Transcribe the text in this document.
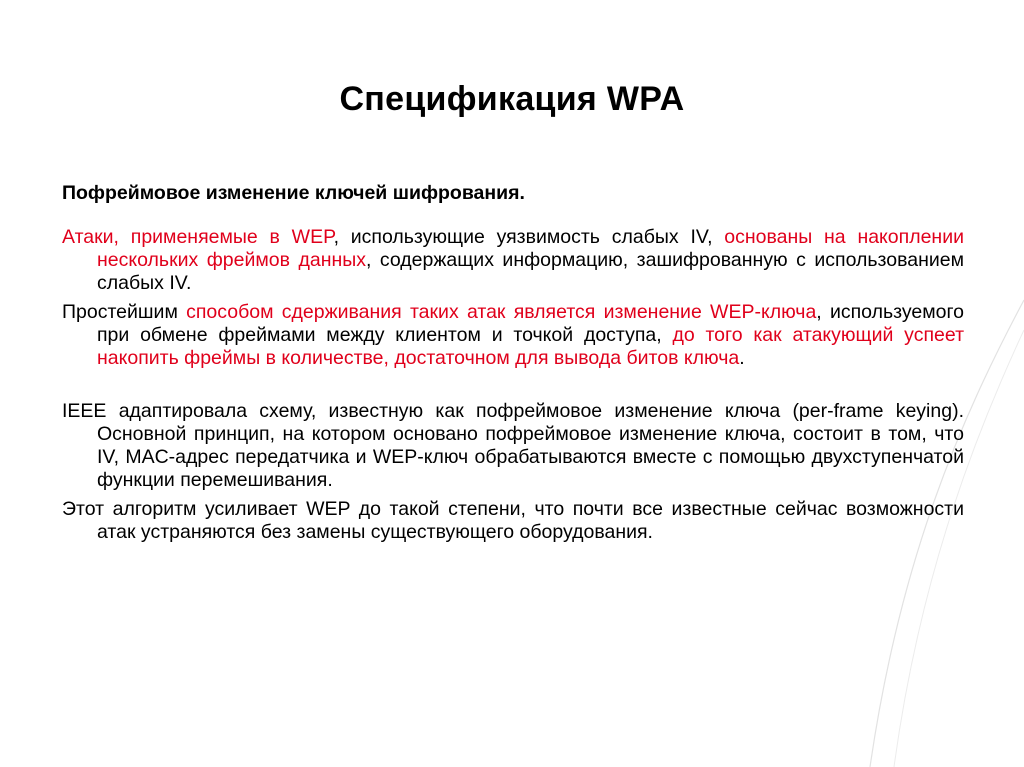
Спецификация WPA
Пофреймовое изменение ключей шифрования.

Атаки, применяемые в WEP, использующие уязвимость слабых IV, основаны на накоплении нескольких фреймов данных, содержащих информацию, зашифрованную с использованием слабых IV.

Простейшим способом сдерживания таких атак является изменение WEP-ключа, используемого при обмене фреймами между клиентом и точкой доступа, до того как атакующий успеет накопить фреймы в количестве, достаточном для вывода битов ключа.

IEEE адаптировала схему, известную как пофреймовое изменение ключа (per-frame keying). Основной принцип, на котором основано пофреймовое изменение ключа, состоит в том, что IV, MAC-адрес передатчика и WEP-ключ обрабатываются вместе с помощью двухступенчатой функции перемешивания.

Этот алгоритм усиливает WEP до такой степени, что почти все известные сейчас возможности атак устраняются без замены существующего оборудования.
